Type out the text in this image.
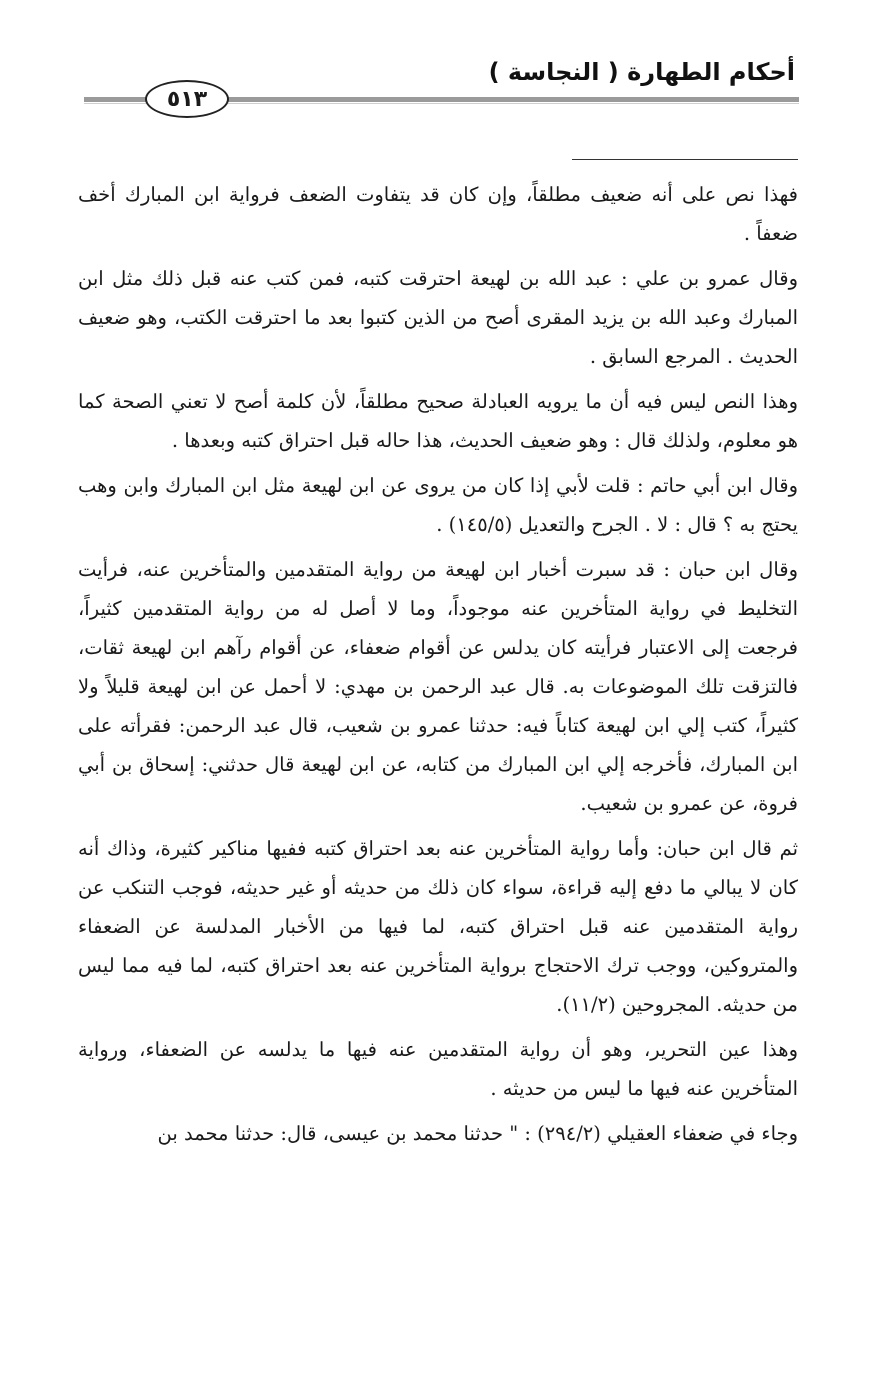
أحكام الطهارة ( النجاسة )
٥١٣

فهذا نص على أنه ضعيف مطلقاً، وإن كان قد يتفاوت الضعف فرواية ابن المبارك أخف ضعفاً .

وقال عمرو بن علي : عبد الله بن لهيعة احترقت كتبه، فمن كتب عنه قبل ذلك مثل ابن المبارك وعبد الله بن يزيد المقرى أصح من الذين كتبوا بعد ما احترقت الكتب، وهو ضعيف الحديث . المرجع السابق .

وهذا النص ليس فيه أن ما يرويه العبادلة صحيح مطلقاً، لأن كلمة أصح لا تعني الصحة كما هو معلوم، ولذلك قال : وهو ضعيف الحديث، هذا حاله قبل احتراق كتبه وبعدها .

وقال ابن أبي حاتم : قلت لأبي إذا كان من يروى عن ابن لهيعة مثل ابن المبارك وابن وهب يحتج به ؟ قال : لا . الجرح والتعديل (١٤٥/٥) .

وقال ابن حبان : قد سبرت أخبار ابن لهيعة من رواية المتقدمين والمتأخرين عنه، فرأيت التخليط في رواية المتأخرين عنه موجوداً، وما لا أصل له من رواية المتقدمين كثيراً، فرجعت إلى الاعتبار فرأيته كان يدلس عن أقوام ضعفاء، عن أقوام رآهم ابن لهيعة ثقات، فالتزقت تلك الموضوعات به. قال عبد الرحمن بن مهدي: لا أحمل عن ابن لهيعة قليلاً ولا كثيراً، كتب إلي ابن لهيعة كتاباً فيه: حدثنا عمرو بن شعيب، قال عبد الرحمن: فقرأته على ابن المبارك، فأخرجه إلي ابن المبارك من كتابه، عن ابن لهيعة قال حدثني: إسحاق بن أبي فروة، عن عمرو بن شعيب.

ثم قال ابن حبان: وأما رواية المتأخرين عنه بعد احتراق كتبه ففيها مناكير كثيرة، وذاك أنه كان لا يبالي ما دفع إليه قراءة، سواء كان ذلك من حديثه أو غير حديثه، فوجب التنكب عن رواية المتقدمين عنه قبل احتراق كتبه، لما فيها من الأخبار المدلسة عن الضعفاء والمتروكين، ووجب ترك الاحتجاج برواية المتأخرين عنه بعد احتراق كتبه، لما فيه مما ليس من حديثه. المجروحين (١١/٢).

وهذا عين التحرير، وهو أن رواية المتقدمين عنه فيها ما يدلسه عن الضعفاء، ورواية المتأخرين عنه فيها ما ليس من حديثه .

وجاء في ضعفاء العقيلي (٢٩٤/٢) : " حدثنا محمد بن عيسى، قال: حدثنا محمد بن
